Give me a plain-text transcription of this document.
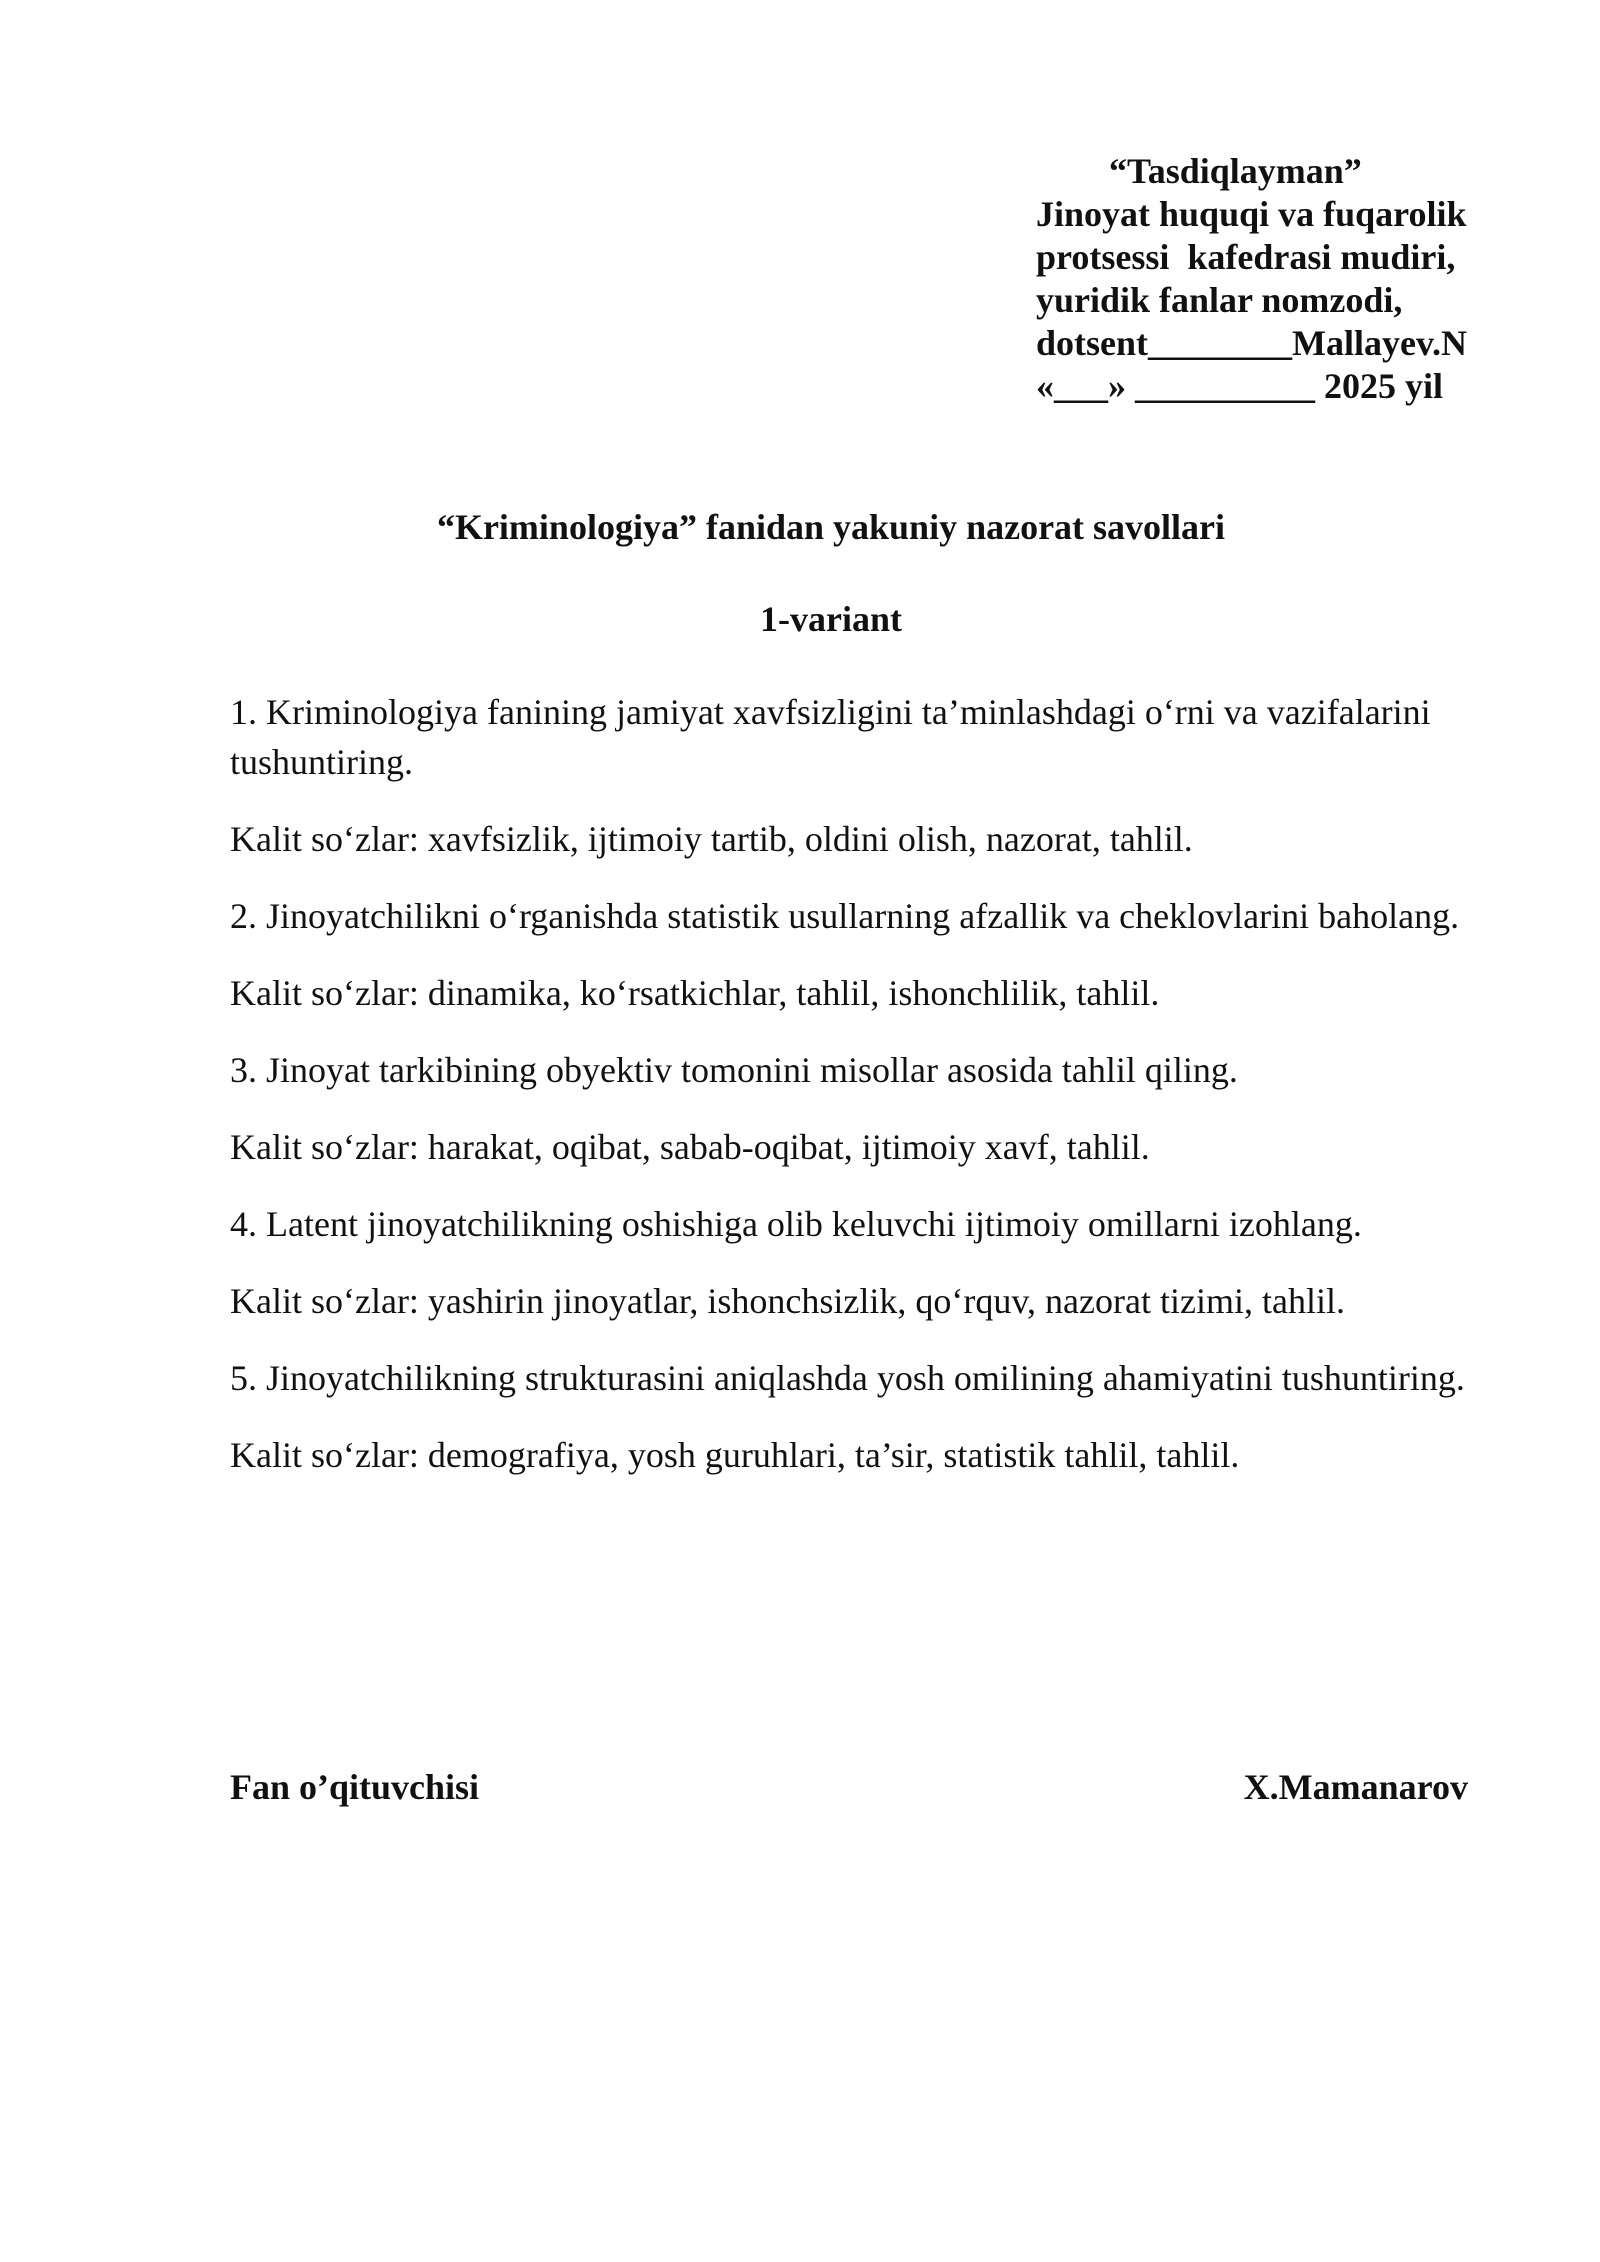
“Tasdiqlayman”
Jinoyat huquqi va fuqarolik
protsessi  kafedrasi mudiri,
yuridik fanlar nomzodi,
dotsent________Mallayev.N
«___» __________ 2025 yil
“Kriminologiya” fanidan yakuniy nazorat savollari
1-variant
1. Kriminologiya fanining jamiyat xavfsizligini ta’minlashdagi o‘rni va vazifalarini tushuntiring.
Kalit so‘zlar: xavfsizlik, ijtimoiy tartib, oldini olish, nazorat, tahlil.
2. Jinoyatchilikni o‘rganishda statistik usullarning afzallik va cheklovlarini baholang.
Kalit so‘zlar: dinamika, ko‘rsatkichlar, tahlil, ishonchlilik, tahlil.
3. Jinoyat tarkibining obyektiv tomonini misollar asosida tahlil qiling.
Kalit so‘zlar: harakat, oqibat, sabab-oqibat, ijtimoiy xavf, tahlil.
4. Latent jinoyatchilikning oshishiga olib keluvchi ijtimoiy omillarni izohlang.
Kalit so‘zlar: yashirin jinoyatlar, ishonchsizlik, qo‘rquv, nazorat tizimi, tahlil.
5. Jinoyatchilikning strukturasini aniqlashda yosh omilining ahamiyatini tushuntiring.
Kalit so‘zlar: demografiya, yosh guruhlari, ta’sir, statistik tahlil, tahlil.
Fan o’qituvchisi	X.Mamanarov
